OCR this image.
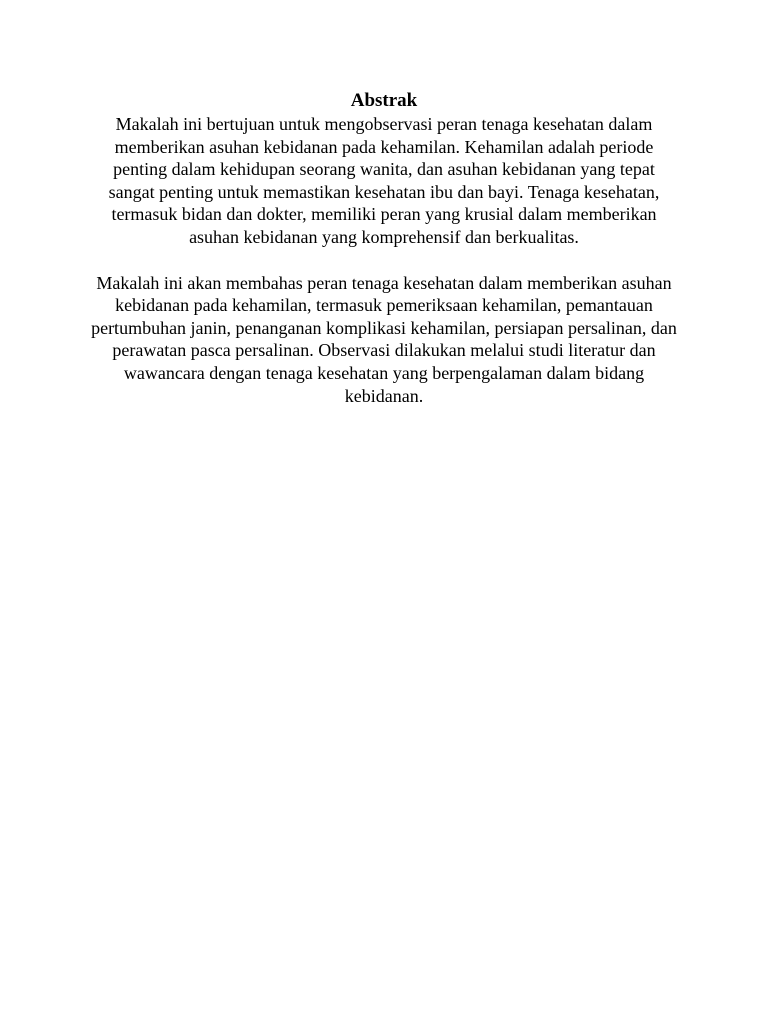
Abstrak

Makalah ini bertujuan untuk mengobservasi peran tenaga kesehatan dalam memberikan asuhan kebidanan pada kehamilan. Kehamilan adalah periode penting dalam kehidupan seorang wanita, dan asuhan kebidanan yang tepat sangat penting untuk memastikan kesehatan ibu dan bayi. Tenaga kesehatan, termasuk bidan dan dokter, memiliki peran yang krusial dalam memberikan asuhan kebidanan yang komprehensif dan berkualitas.

Makalah ini akan membahas peran tenaga kesehatan dalam memberikan asuhan kebidanan pada kehamilan, termasuk pemeriksaan kehamilan, pemantauan pertumbuhan janin, penanganan komplikasi kehamilan, persiapan persalinan, dan perawatan pasca persalinan. Observasi dilakukan melalui studi literatur dan wawancara dengan tenaga kesehatan yang berpengalaman dalam bidang kebidanan.
